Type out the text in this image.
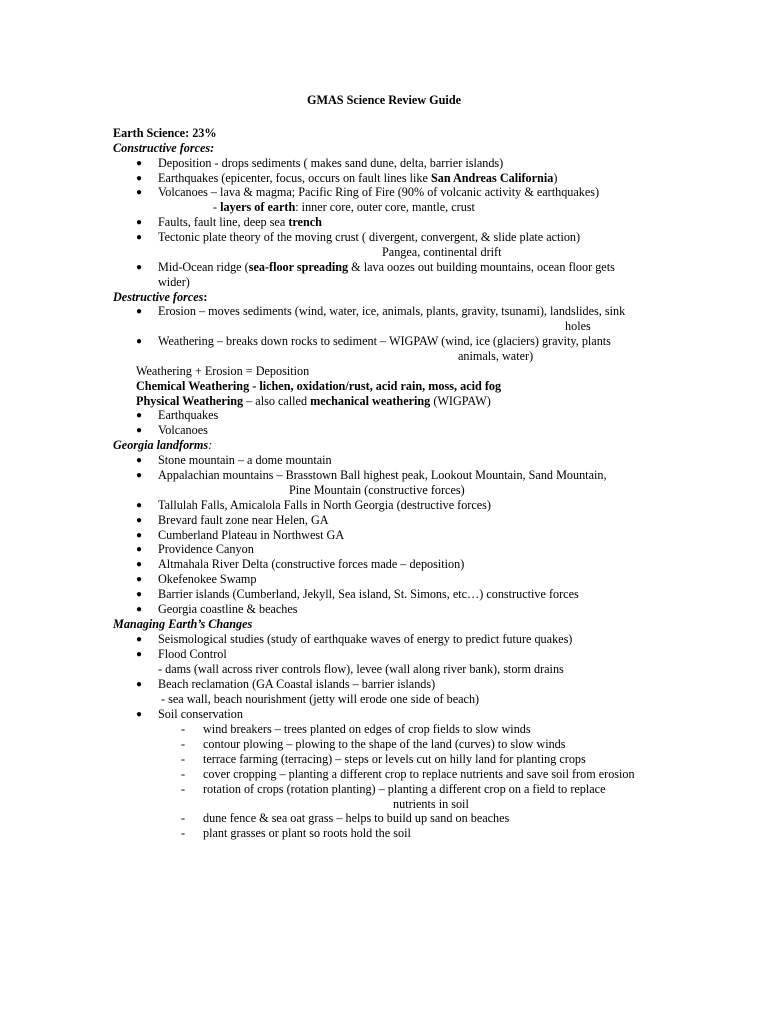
GMAS Science Review Guide
Earth Science: 23%
Constructive forces:
● Deposition - drops sediments ( makes sand dune, delta, barrier islands)
● Earthquakes (epicenter, focus, occurs on fault lines like San Andreas California)
● Volcanoes – lava & magma; Pacific Ring of Fire (90% of volcanic activity & earthquakes)
- layers of earth: inner core, outer core, mantle, crust
● Faults, fault line, deep sea trench
● Tectonic plate theory of the moving crust ( divergent, convergent, & slide plate action)
Pangea, continental drift
● Mid-Ocean ridge (sea-floor spreading & lava oozes out building mountains, ocean floor gets
wider)
Destructive forces:
● Erosion – moves sediments (wind, water, ice, animals, plants, gravity, tsunami), landslides, sink
holes
● Weathering – breaks down rocks to sediment – WIGPAW (wind, ice (glaciers) gravity, plants
animals, water)
Weathering + Erosion = Deposition
Chemical Weathering - lichen, oxidation/rust, acid rain, moss, acid fog
Physical Weathering – also called mechanical weathering (WIGPAW)
● Earthquakes
● Volcanoes
Georgia landforms:
● Stone mountain – a dome mountain
● Appalachian mountains – Brasstown Ball highest peak, Lookout Mountain, Sand Mountain,
Pine Mountain (constructive forces)
● Tallulah Falls, Amicalola Falls in North Georgia (destructive forces)
● Brevard fault zone near Helen, GA
● Cumberland Plateau in Northwest GA
● Providence Canyon
● Altmahala River Delta (constructive forces made – deposition)
● Okefenokee Swamp
● Barrier islands (Cumberland, Jekyll, Sea island, St. Simons, etc…) constructive forces
● Georgia coastline & beaches
Managing Earth’s Changes
● Seismological studies (study of earthquake waves of energy to predict future quakes)
● Flood Control
- dams (wall across river controls flow), levee (wall along river bank), storm drains
● Beach reclamation (GA Coastal islands – barrier islands)
- sea wall, beach nourishment (jetty will erode one side of beach)
● Soil conservation
- wind breakers – trees planted on edges of crop fields to slow winds
- contour plowing – plowing to the shape of the land (curves) to slow winds
- terrace farming (terracing) – steps or levels cut on hilly land for planting crops
- cover cropping – planting a different crop to replace nutrients and save soil from erosion
- rotation of crops (rotation planting) – planting a different crop on a field to replace
nutrients in soil
- dune fence & sea oat grass – helps to build up sand on beaches
- plant grasses or plant so roots hold the soil
